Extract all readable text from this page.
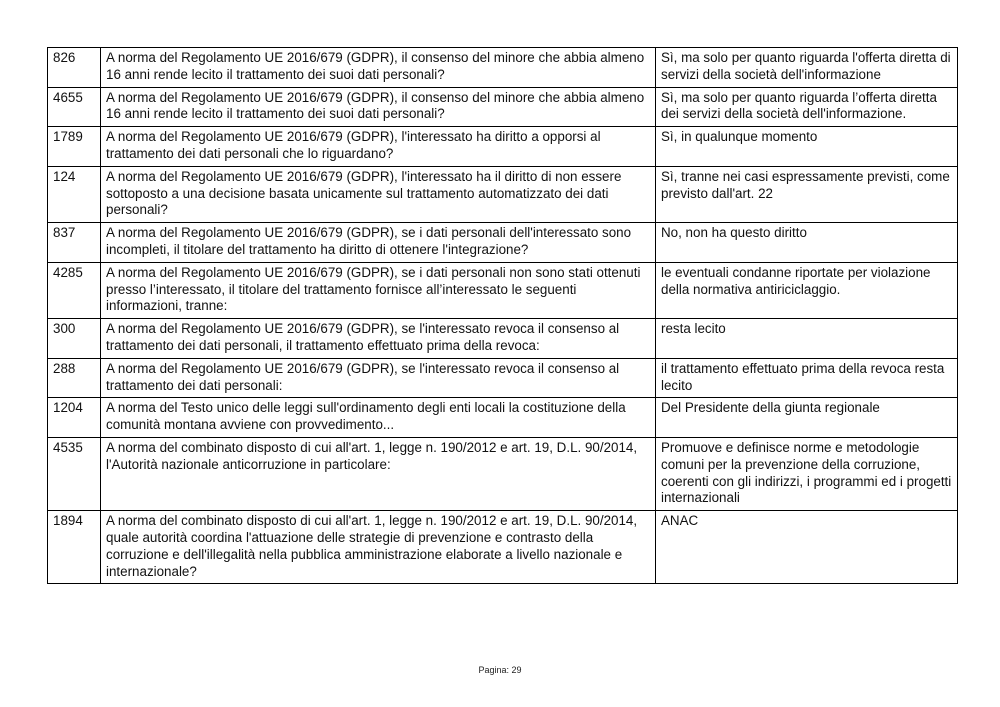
826	A norma del Regolamento UE 2016/679 (GDPR), il consenso del minore che abbia almeno 16 anni rende lecito il trattamento dei suoi dati personali?	Sì, ma solo per quanto riguarda l'offerta diretta di servizi della società dell'informazione
4655	A norma del Regolamento UE 2016/679 (GDPR), il consenso del minore che abbia almeno 16 anni rende lecito il trattamento dei suoi dati personali?	Sì, ma solo per quanto riguarda l’offerta diretta dei servizi della società dell'informazione.
1789	A norma del Regolamento UE 2016/679 (GDPR), l'interessato ha diritto a opporsi al trattamento dei dati personali che lo riguardano?	Sì, in qualunque momento
124	A norma del Regolamento UE 2016/679 (GDPR), l'interessato ha il diritto di non essere sottoposto a una decisione basata unicamente sul trattamento automatizzato dei dati personali?	Sì, tranne nei casi espressamente previsti, come previsto dall'art. 22
837	A norma del Regolamento UE 2016/679 (GDPR), se i dati personali dell'interessato sono incompleti, il titolare del trattamento ha diritto di ottenere l'integrazione?	No, non ha questo diritto
4285	A norma del Regolamento UE 2016/679 (GDPR), se i dati personali non sono stati ottenuti presso l’interessato, il titolare del trattamento fornisce all’interessato le seguenti informazioni, tranne:	le eventuali condanne riportate per violazione della normativa antiriciclaggio.
300	A norma del Regolamento UE 2016/679 (GDPR), se l'interessato revoca il consenso al trattamento dei dati personali, il trattamento effettuato prima della revoca:	resta lecito
288	A norma del Regolamento UE 2016/679 (GDPR), se l'interessato revoca il consenso al trattamento dei dati personali:	il trattamento effettuato prima della revoca resta lecito
1204	A norma del Testo unico delle leggi sull'ordinamento degli enti locali la costituzione della comunità montana avviene con provvedimento...	Del Presidente della giunta regionale
4535	A norma del combinato disposto di cui all'art. 1, legge n. 190/2012 e art. 19, D.L. 90/2014, l'Autorità nazionale anticorruzione in particolare:	Promuove e definisce norme e metodologie comuni per la prevenzione della corruzione, coerenti con gli indirizzi, i programmi ed i progetti internazionali
1894	A norma del combinato disposto di cui all'art. 1, legge n. 190/2012 e art. 19, D.L. 90/2014, quale autorità coordina l'attuazione delle strategie di prevenzione e contrasto della corruzione e dell'illegalità nella pubblica amministrazione elaborate a livello nazionale e internazionale?	ANAC
Pagina: 29
